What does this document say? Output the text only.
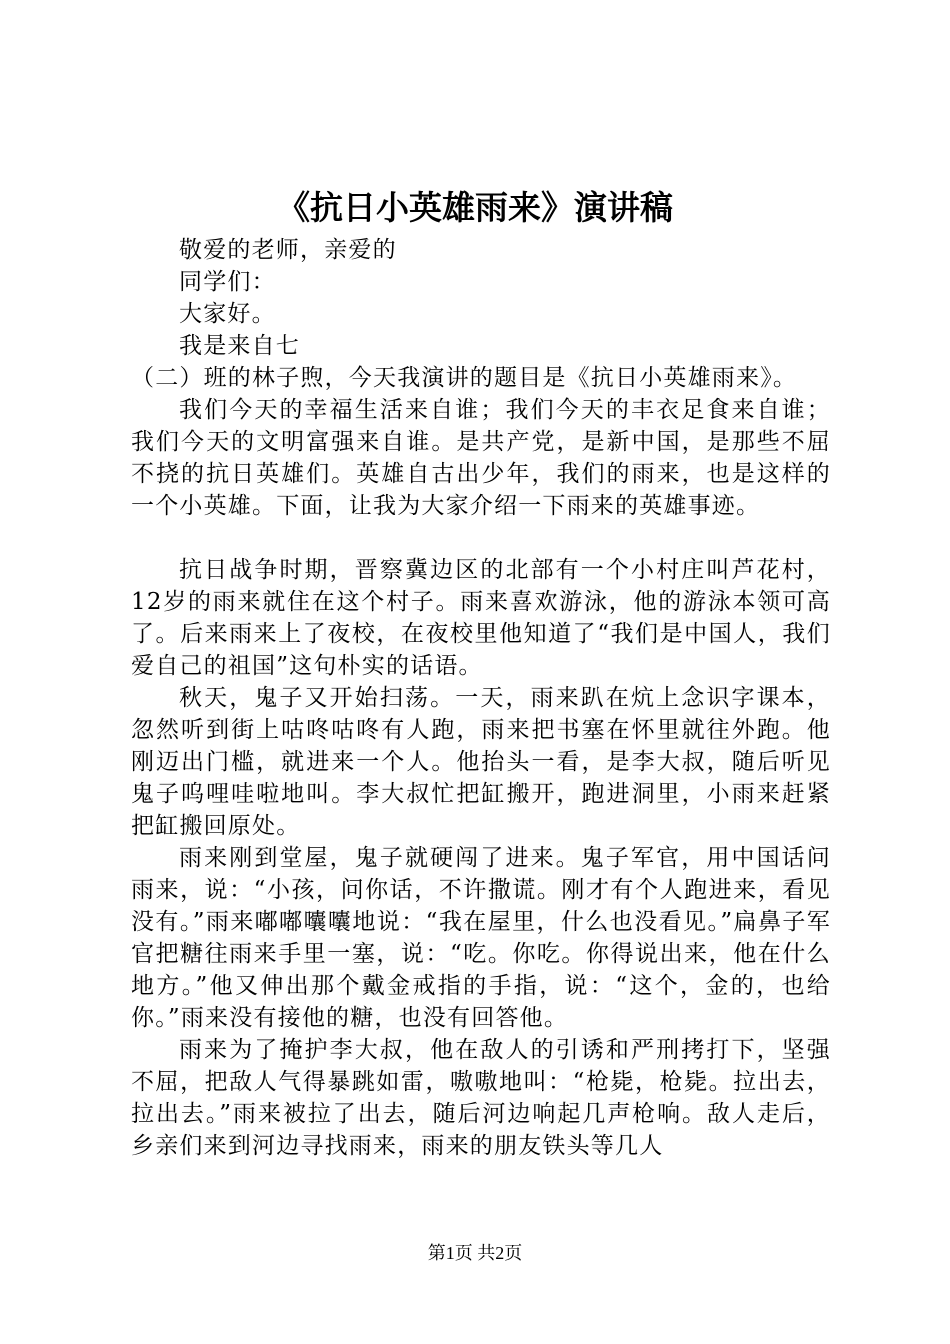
《抗日小英雄雨来》演讲稿

敬爱的老师，亲爱的

同学们：

大家好。

我是来自七

（二）班的林子煦，今天我演讲的题目是《抗日小英雄雨来》。

我们今天的幸福生活来自谁；我们今天的丰衣足食来自谁；我们今天的文明富强来自谁。是共产党，是新中国，是那些不屈不挠的抗日英雄们。英雄自古出少年，我们的雨来，也是这样的一个小英雄。下面，让我为大家介绍一下雨来的英雄事迹。

抗日战争时期，晋察冀边区的北部有一个小村庄叫芦花村，12岁的雨来就住在这个村子。雨来喜欢游泳，他的游泳本领可高了。后来雨来上了夜校，在夜校里他知道了“我们是中国人，我们爱自己的祖国”这句朴实的话语。

秋天，鬼子又开始扫荡。一天，雨来趴在炕上念识字课本，忽然听到街上咕咚咕咚有人跑，雨来把书塞在怀里就往外跑。他刚迈出门槛，就进来一个人。他抬头一看，是李大叔，随后听见鬼子呜哩哇啦地叫。李大叔忙把缸搬开，跑进洞里，小雨来赶紧把缸搬回原处。

雨来刚到堂屋，鬼子就硬闯了进来。鬼子军官，用中国话问雨来，说：“小孩，问你话，不许撒谎。刚才有个人跑进来，看见没有。”雨来嘟嘟囔囔地说：“我在屋里，什么也没看见。”扁鼻子军官把糖往雨来手里一塞，说：“吃。你吃。你得说出来，他在什么地方。”他又伸出那个戴金戒指的手指，说：“这个，金的，也给你。”雨来没有接他的糖，也没有回答他。

雨来为了掩护李大叔，他在敌人的引诱和严刑拷打下，坚强不屈，把敌人气得暴跳如雷，嗷嗷地叫：“枪毙，枪毙。拉出去，拉出去。”雨来被拉了出去，随后河边响起几声枪响。敌人走后，乡亲们来到河边寻找雨来，雨来的朋友铁头等几人

第1页 共2页
